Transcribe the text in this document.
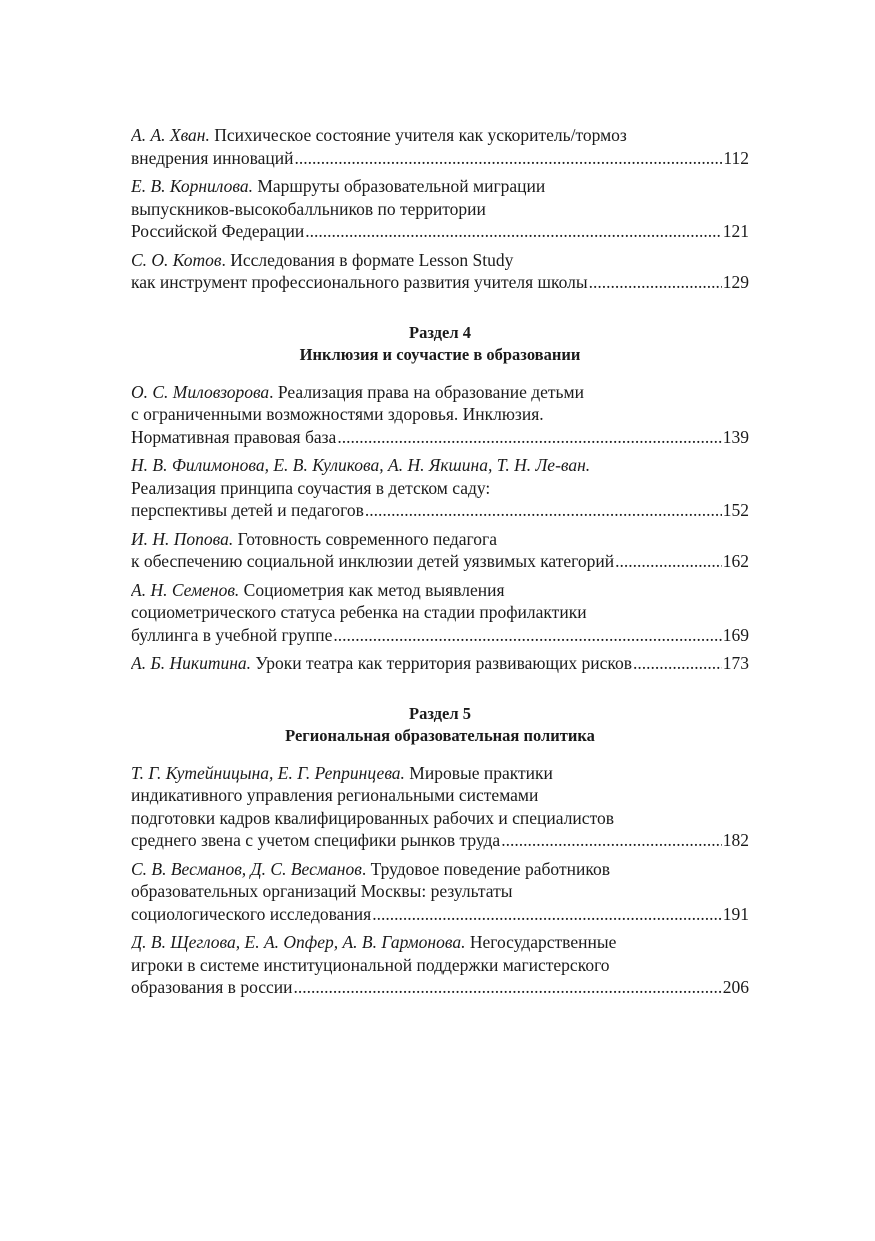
А. А. Хван. Психическое состояние учителя как ускоритель/тормоз
внедрения инноваций .....	112
Е. В. Корнилова. Маршруты образовательной миграции
выпускников-высокобалльников по территории
Российской Федерации .....	121
С. О. Котов. Исследования в формате Lesson Study
как инструмент профессионального развития учителя школы .....	129
Раздел 4
Инклюзия и соучастие в образовании
О. С. Миловзорова. Реализация права на образование детьми
с ограниченными возможностями здоровья. Инклюзия.
Нормативная правовая база .....	139
Н. В. Филимонова, Е. В. Куликова, А. Н. Якшина, Т. Н. Ле-ван.
Реализация принципа соучастия в детском саду:
перспективы детей и педагогов .....	152
И. Н. Попова. Готовность современного педагога
к обеспечению социальной инклюзии детей уязвимых категорий .....	162
А. Н. Семенов. Социометрия как метод выявления
социометрического статуса ребенка на стадии профилактики
буллинга в учебной группе .....	169
А. Б. Никитина. Уроки театра как территория развивающих рисков .....	173
Раздел 5
Региональная образовательная политика
Т. Г. Кутейницына, Е. Г. Репринцева. Мировые практики
индикативного управления региональными системами
подготовки кадров квалифицированных рабочих и специалистов
среднего звена с учетом специфики рынков труда .....	182
С. В. Весманов, Д. С. Весманов. Трудовое поведение работников
образовательных организаций Москвы: результаты
социологического исследования .....	191
Д. В. Щеглова, Е. А. Опфер, А. В. Гармонова. Негосударственные
игроки в системе институциональной поддержки магистерского
образования в россии .....	206
